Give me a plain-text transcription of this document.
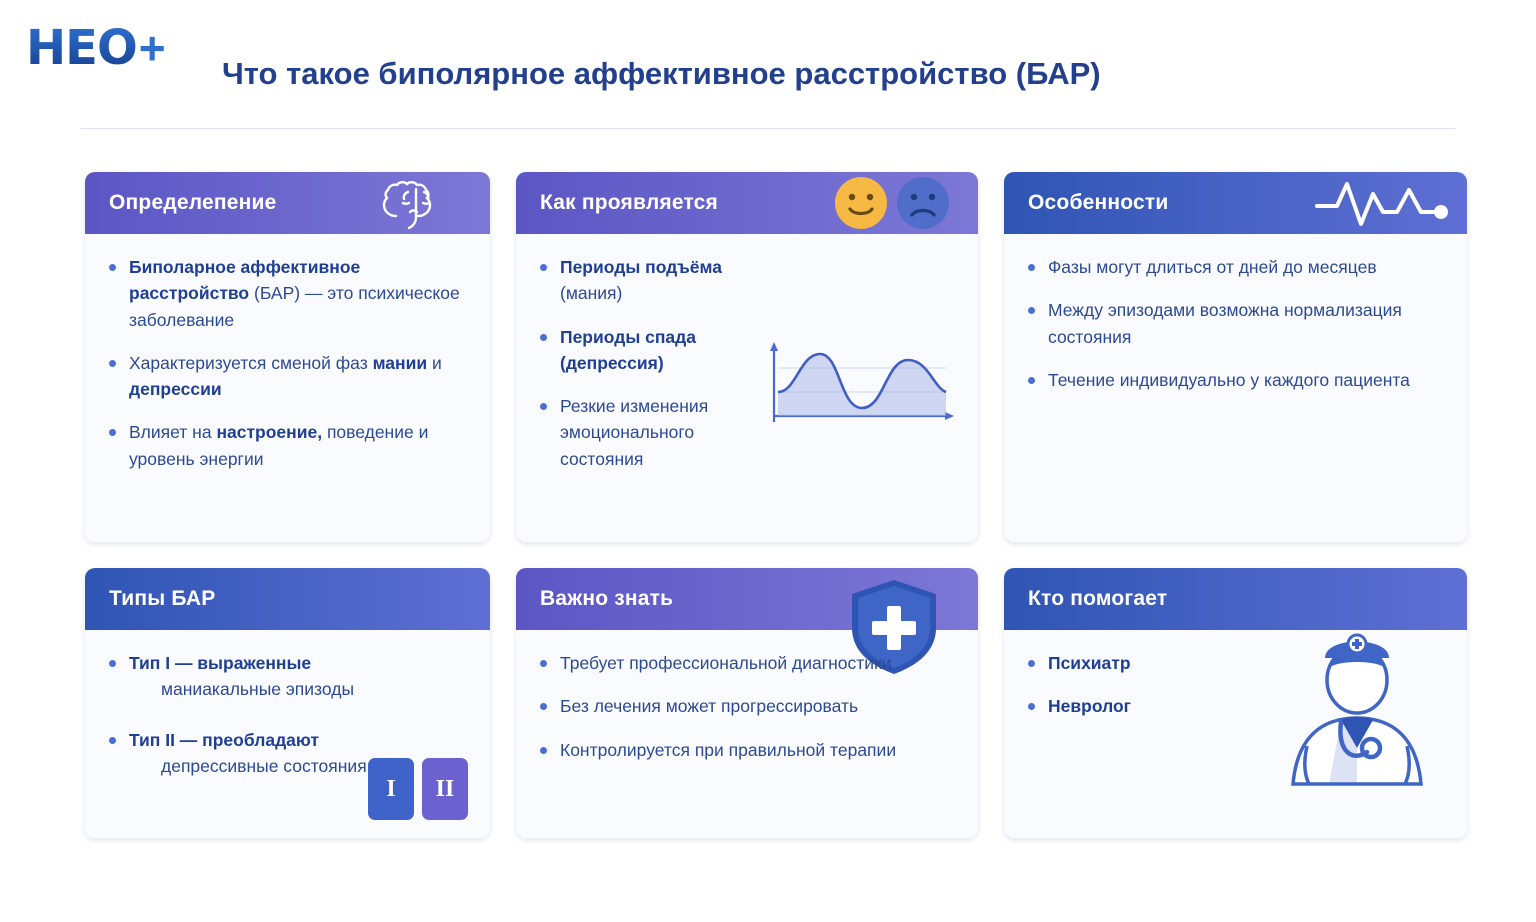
HEO + Что такое биполярное аффективное расстройство (БАР)
Определепение
Биполарное аффективное расстройство (БАР) — это психическое заболевание
Характеризуется сменой фаз мании и депрессии
Влияет на настроение, поведение и уровень энергии
Как проявляется
Периоды подъёма (мания)
Периоды спада (депрессия)
Резкие изменения эмоционального состояния
Особенности
Фазы могут длиться от дней до месяцев
Между эпизодами возможна нормализация состояния
Течение индивидуально у каждого пациента
Типы БАР
Тип I — выраженные
маниакальные эпизоды
Тип II — преобладают
депрессивные состояния
I	II
Важно знать
Требует профессиональной диагностики
Без лечения может прогрессировать
Контролируется при правильной терапии
Кто помогает
Психиатр
Невролог
